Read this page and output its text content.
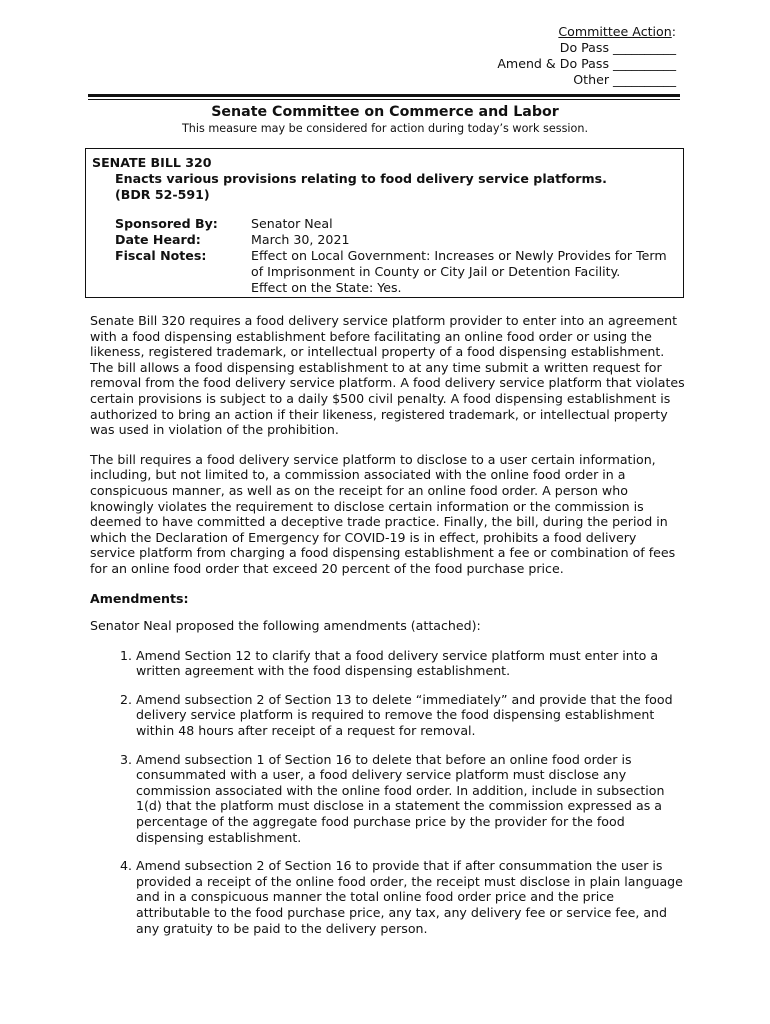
Committee Action:
Do Pass __________
Amend & Do Pass __________
Other __________
Senate Committee on Commerce and Labor
This measure may be considered for action during today’s work session.
SENATE BILL 320
Enacts various provisions relating to food delivery service platforms.
(BDR 52-591)
Sponsored By:	Senator Neal
Date Heard:	March 30, 2021
Fiscal Notes:	Effect on Local Government: Increases or Newly Provides for Term of Imprisonment in County or City Jail or Detention Facility.
Effect on the State: Yes.

Senate Bill 320 requires a food delivery service platform provider to enter into an agreement with a food dispensing establishment before facilitating an online food order or using the likeness, registered trademark, or intellectual property of a food dispensing establishment. The bill allows a food dispensing establishment to at any time submit a written request for removal from the food delivery service platform. A food delivery service platform that violates certain provisions is subject to a daily $500 civil penalty. A food dispensing establishment is authorized to bring an action if their likeness, registered trademark, or intellectual property was used in violation of the prohibition.

The bill requires a food delivery service platform to disclose to a user certain information, including, but not limited to, a commission associated with the online food order in a conspicuous manner, as well as on the receipt for an online food order. A person who knowingly violates the requirement to disclose certain information or the commission is deemed to have committed a deceptive trade practice. Finally, the bill, during the period in which the Declaration of Emergency for COVID-19 is in effect, prohibits a food delivery service platform from charging a food dispensing establishment a fee or combination of fees for an online food order that exceed 20 percent of the food purchase price.

Amendments:

Senator Neal proposed the following amendments (attached):

1. Amend Section 12 to clarify that a food delivery service platform must enter into a written agreement with the food dispensing establishment.
2. Amend subsection 2 of Section 13 to delete “immediately” and provide that the food delivery service platform is required to remove the food dispensing establishment within 48 hours after receipt of a request for removal.
3. Amend subsection 1 of Section 16 to delete that before an online food order is consummated with a user, a food delivery service platform must disclose any commission associated with the online food order. In addition, include in subsection 1(d) that the platform must disclose in a statement the commission expressed as a percentage of the aggregate food purchase price by the provider for the food dispensing establishment.
4. Amend subsection 2 of Section 16 to provide that if after consummation the user is provided a receipt of the online food order, the receipt must disclose in plain language and in a conspicuous manner the total online food order price and the price attributable to the food purchase price, any tax, any delivery fee or service fee, and any gratuity to be paid to the delivery person.
